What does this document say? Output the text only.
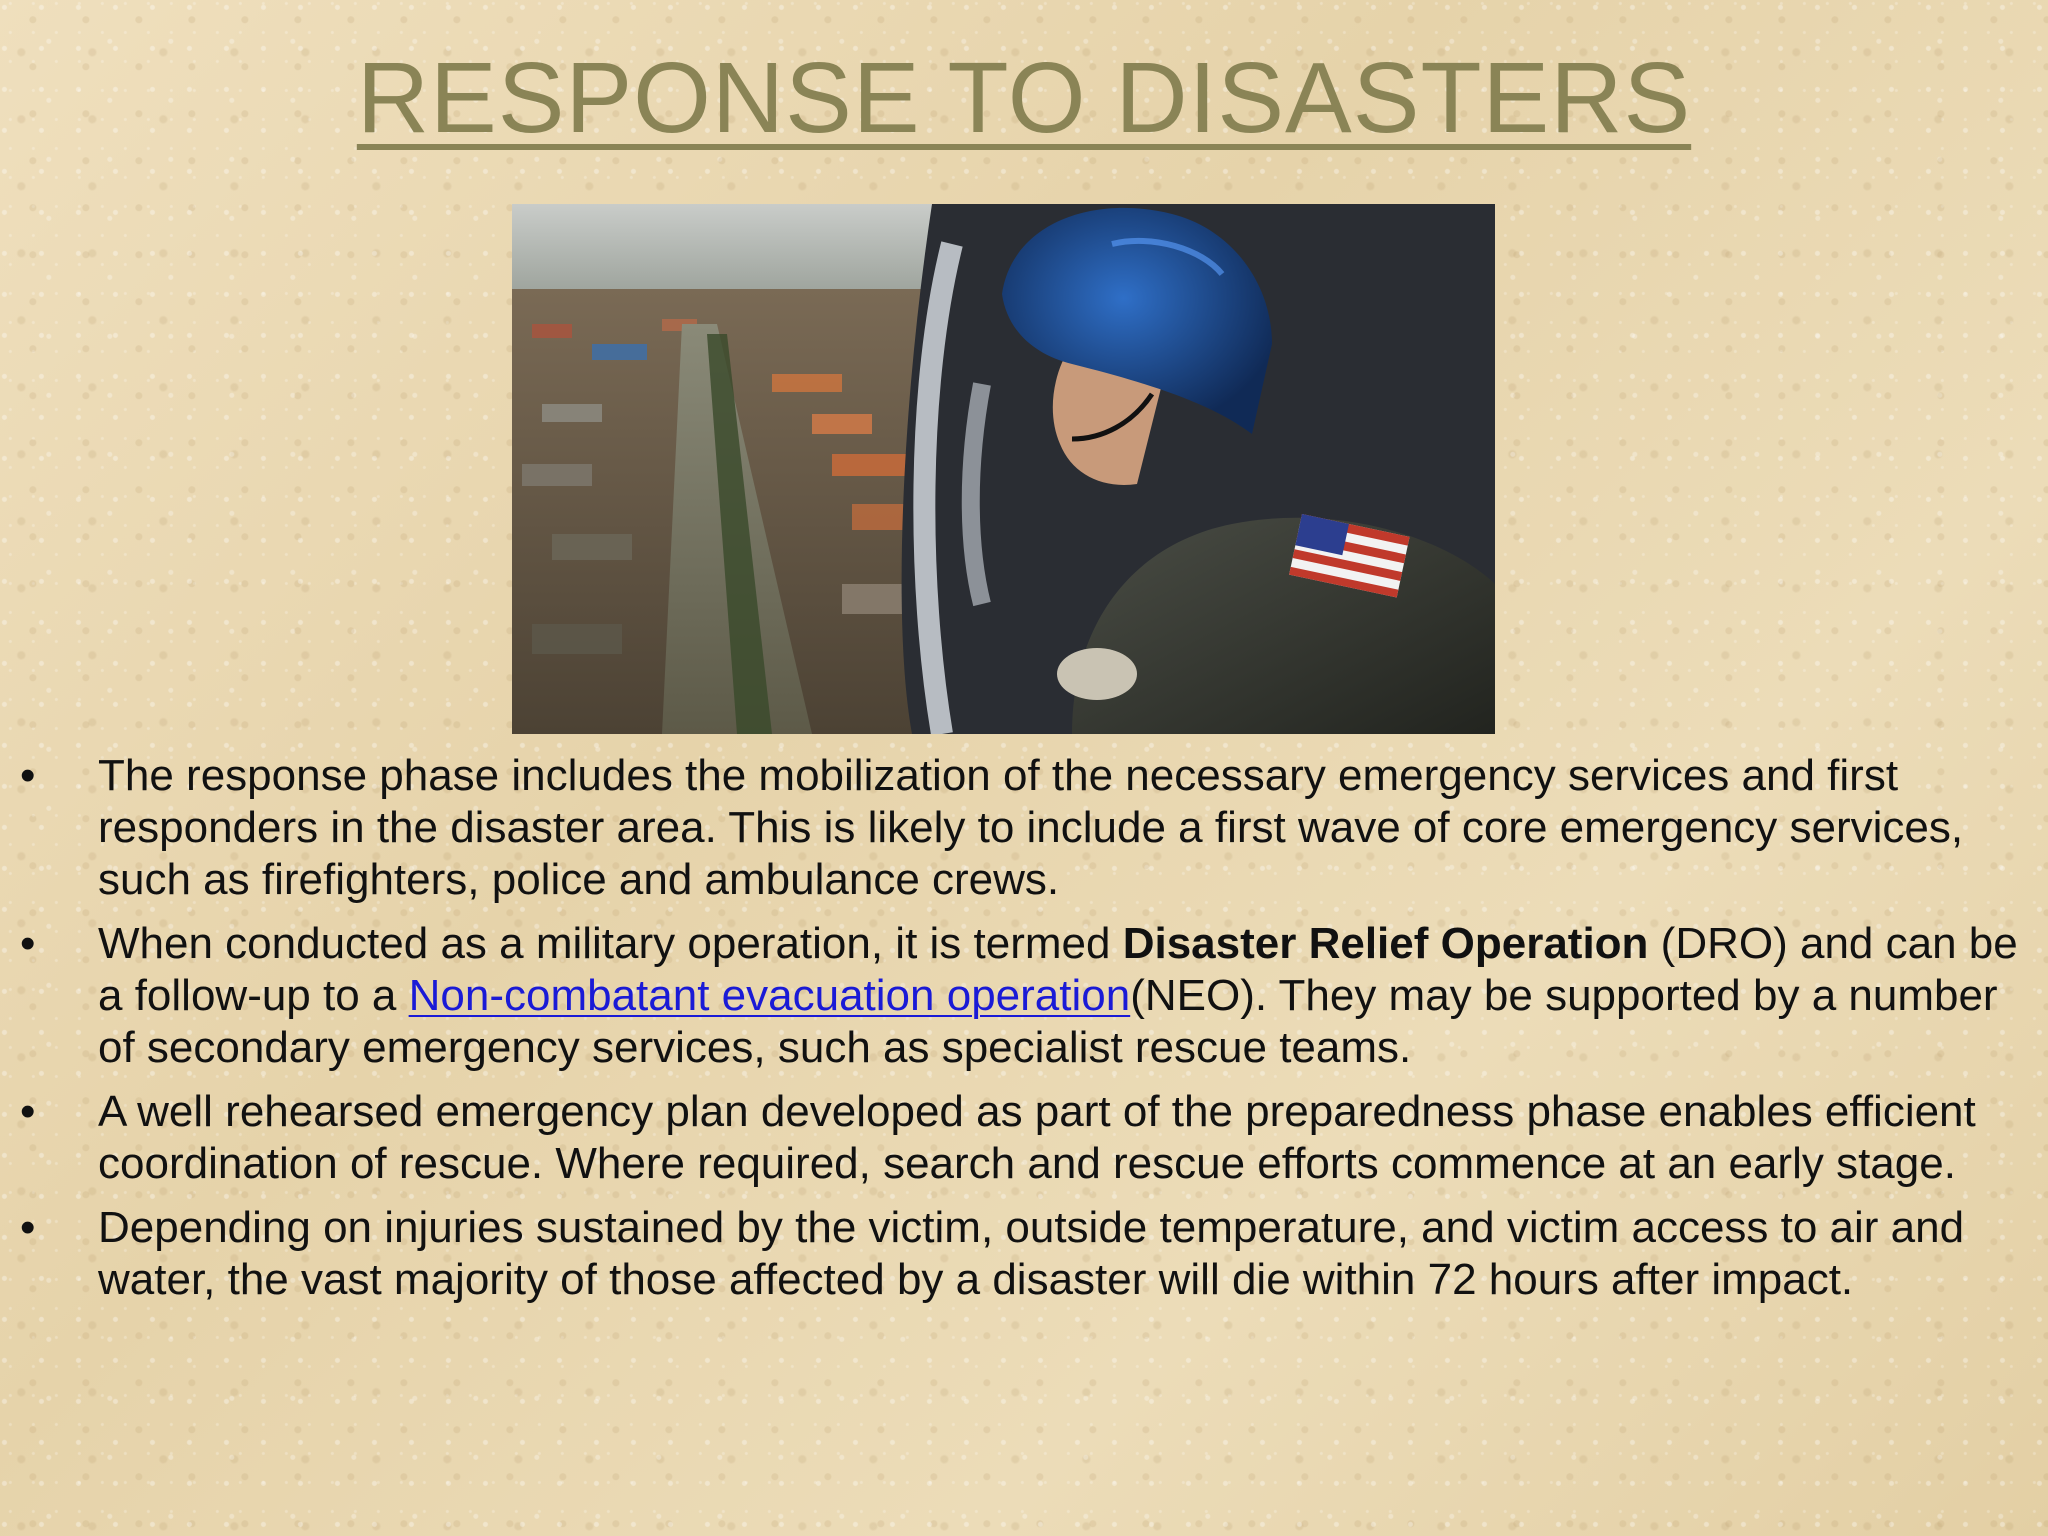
RESPONSE TO DISASTERS
•	The response phase includes the mobilization of the necessary emergency services and first responders in the disaster area. This is likely to include a first wave of core emergency services, such as firefighters, police and ambulance crews.
•	When conducted as a military operation, it is termed Disaster Relief Operation (DRO) and can be a follow-up to a Non-combatant evacuation operation(NEO). They may be supported by a number of secondary emergency services, such as specialist rescue teams.
•	A well rehearsed emergency plan developed as part of the preparedness phase enables efficient coordination of rescue. Where required, search and rescue efforts commence at an early stage.
•	Depending on injuries sustained by the victim, outside temperature, and victim access to air and water, the vast majority of those affected by a disaster will die within 72 hours after impact.
